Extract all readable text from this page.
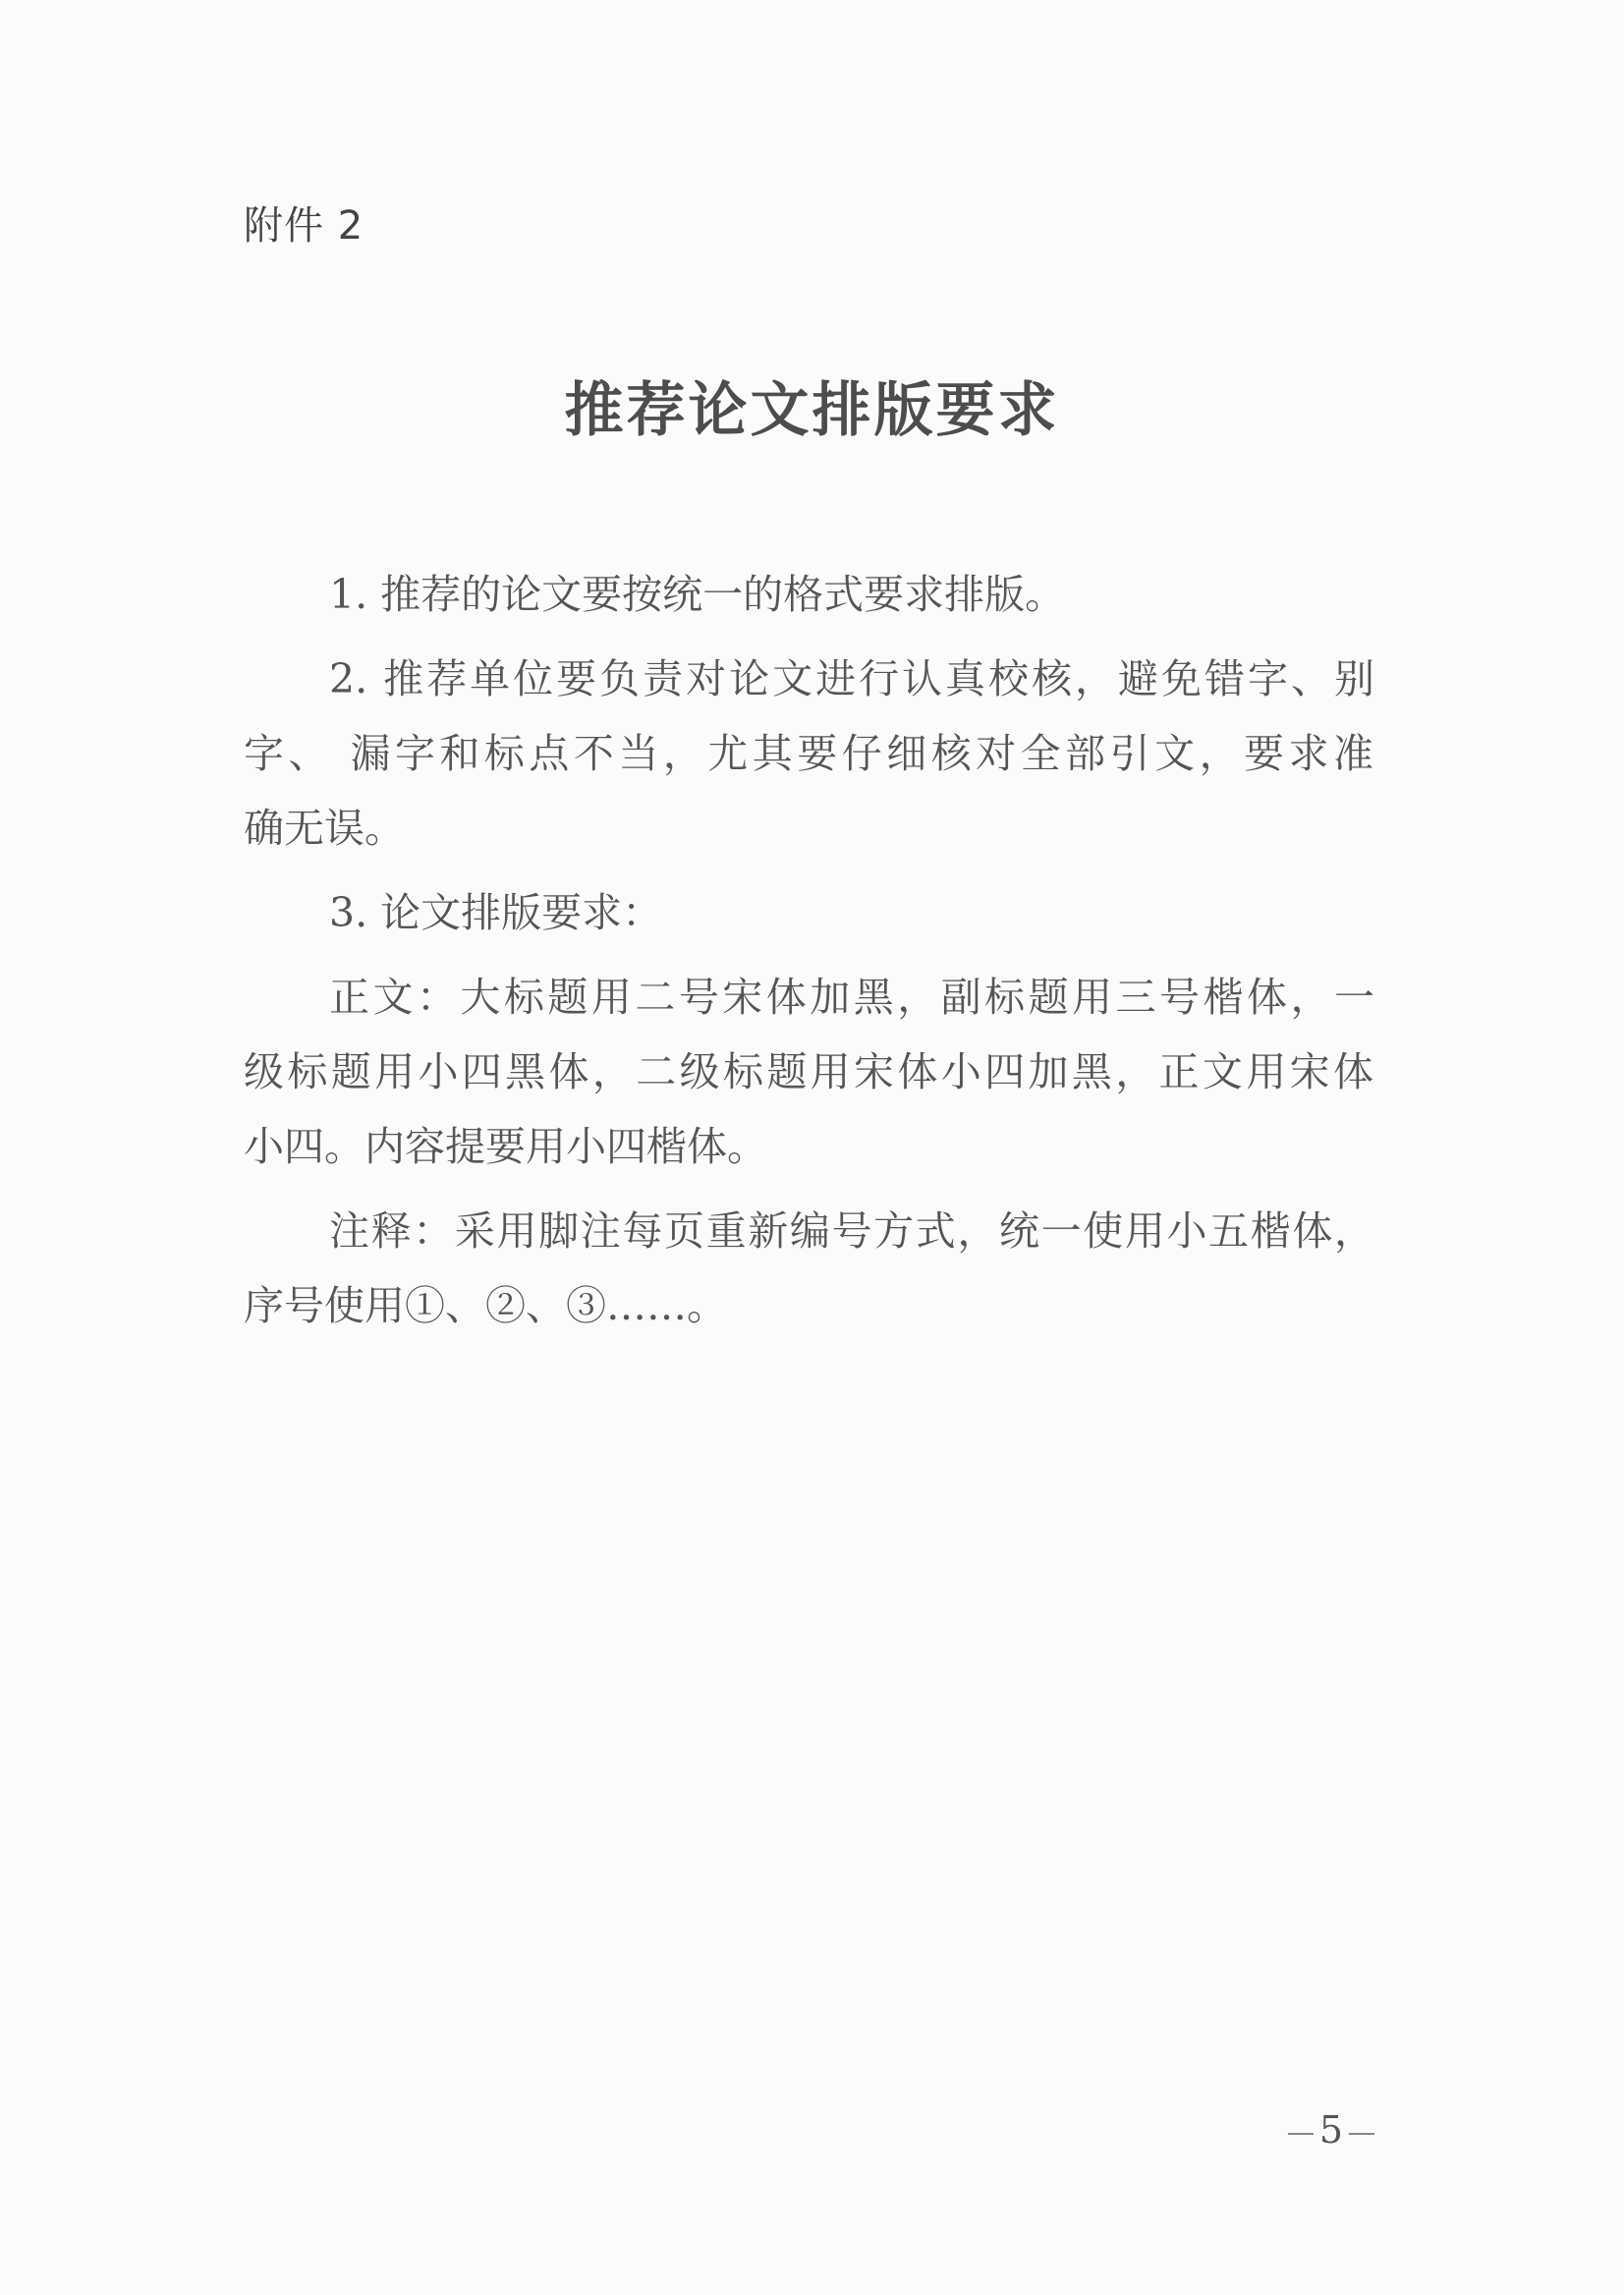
附件 2
推荐论文排版要求
1. 推荐的论文要按统一的格式要求排版。
2. 推荐单位要负责对论文进行认真校核，避免错字、别
字、 漏字和标点不当，尤其要仔细核对全部引文，要求准
确无误。
3. 论文排版要求：
正文：大标题用二号宋体加黑，副标题用三号楷体，一
级标题用小四黑体，二级标题用宋体小四加黑，正文用宋体
小四。内容提要用小四楷体。
注释：采用脚注每页重新编号方式，统一使用小五楷体，
序号使用①、②、③……。
5
